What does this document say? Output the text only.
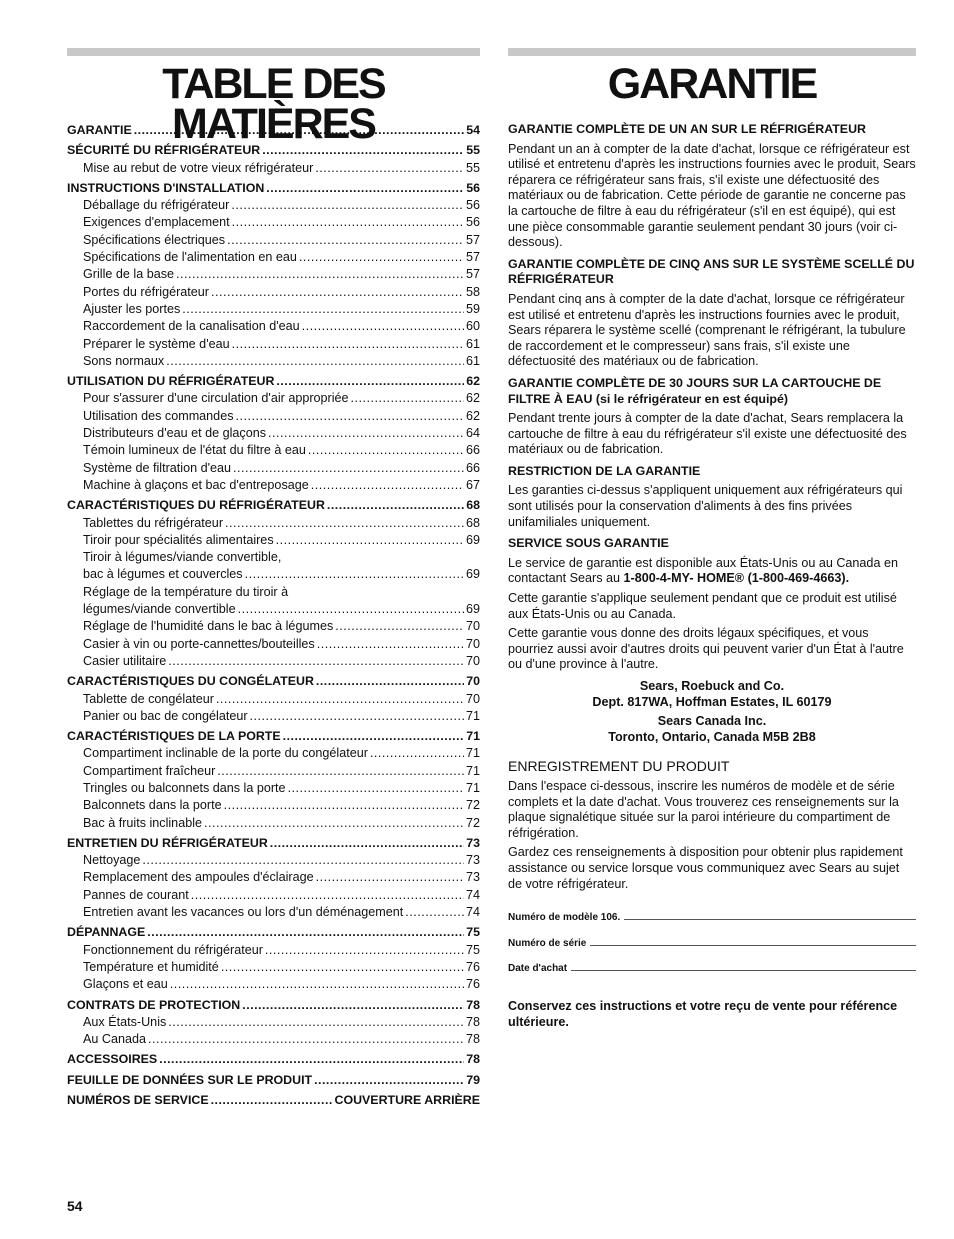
TABLE DES MATIÈRES
GARANTIE .....	54
SÉCURITÉ DU RÉFRIGÉRATEUR .....	55
Mise au rebut de votre vieux réfrigérateur .....	55
INSTRUCTIONS D'INSTALLATION .....	56
Déballage du réfrigérateur .....	56
Exigences d'emplacement .....	56
Spécifications électriques .....	57
Spécifications de l'alimentation en eau .....	57
Grille de la base .....	57
Portes du réfrigérateur .....	58
Ajuster les portes .....	59
Raccordement de la canalisation d'eau .....	60
Préparer le système d'eau .....	61
Sons normaux .....	61
UTILISATION DU RÉFRIGÉRATEUR .....	62
Pour s'assurer d'une circulation d'air appropriée .....	62
Utilisation des commandes .....	62
Distributeurs d'eau et de glaçons .....	64
Témoin lumineux de l'état du filtre à eau .....	66
Système de filtration d'eau .....	66
Machine à glaçons et bac d'entreposage .....	67
CARACTÉRISTIQUES DU RÉFRIGÉRATEUR .....	68
Tablettes du réfrigérateur .....	68
Tiroir pour spécialités alimentaires .....	69
Tiroir à légumes/viande convertible,
bac à légumes et couvercles .....	69
Réglage de la température du tiroir à
légumes/viande convertible .....	69
Réglage de l'humidité dans le bac à légumes .....	70
Casier à vin ou porte-cannettes/bouteilles .....	70
Casier utilitaire .....	70
CARACTÉRISTIQUES DU CONGÉLATEUR .....	70
Tablette de congélateur .....	70
Panier ou bac de congélateur .....	71
CARACTÉRISTIQUES DE LA PORTE .....	71
Compartiment inclinable de la porte du congélateur .....	71
Compartiment fraîcheur .....	71
Tringles ou balconnets dans la porte .....	71
Balconnets dans la porte .....	72
Bac à fruits inclinable .....	72
ENTRETIEN DU RÉFRIGÉRATEUR .....	73
Nettoyage .....	73
Remplacement des ampoules d'éclairage .....	73
Pannes de courant .....	74
Entretien avant les vacances ou lors d'un déménagement .....	74
DÉPANNAGE .....	75
Fonctionnement du réfrigérateur .....	75
Température et humidité .....	76
Glaçons et eau .....	76
CONTRATS DE PROTECTION .....	78
Aux États-Unis .....	78
Au Canada .....	78
ACCESSOIRES .....	78
FEUILLE DE DONNÉES SUR LE PRODUIT .....	79
NUMÉROS DE SERVICE .....	COUVERTURE ARRIÈRE
GARANTIE
GARANTIE COMPLÈTE DE UN AN SUR LE RÉFRIGÉRATEUR

Pendant un an à compter de la date d'achat, lorsque ce réfrigérateur est utilisé et entretenu d'après les instructions fournies avec le produit, Sears réparera ce réfrigérateur sans frais, s'il existe une défectuosité des matériaux ou de fabrication. Cette période de garantie ne concerne pas la cartouche de filtre à eau du réfrigérateur (s'il en est équipé), qui est une pièce consommable garantie seulement pendant 30 jours (voir ci-dessous).

GARANTIE COMPLÈTE DE CINQ ANS SUR LE SYSTÈME SCELLÉ DU RÉFRIGÉRATEUR

Pendant cinq ans à compter de la date d'achat, lorsque ce réfrigérateur est utilisé et entretenu d'après les instructions fournies avec le produit, Sears réparera le système scellé (comprenant le réfrigérant, la tubulure de raccordement et le compresseur) sans frais, s'il existe une défectuosité des matériaux ou de fabrication.

GARANTIE COMPLÈTE DE 30 JOURS SUR LA CARTOUCHE DE FILTRE À EAU (si le réfrigérateur en est équipé)

Pendant trente jours à compter de la date d'achat, Sears remplacera la cartouche de filtre à eau du réfrigérateur s'il existe une défectuosité des matériaux ou de fabrication.

RESTRICTION DE LA GARANTIE

Les garanties ci-dessus s'appliquent uniquement aux réfrigérateurs qui sont utilisés pour la conservation d'aliments à des fins privées unifamiliales uniquement.

SERVICE SOUS GARANTIE

Le service de garantie est disponible aux États-Unis ou au Canada en contactant Sears au 1-800-4-MY- HOME® (1-800-469-4663).

Cette garantie s'applique seulement pendant que ce produit est utilisé aux États-Unis ou au Canada.

Cette garantie vous donne des droits légaux spécifiques, et vous pourriez aussi avoir d'autres droits qui peuvent varier d'un État à l'autre ou d'une province à l'autre.

Sears, Roebuck and Co.
Dept. 817WA, Hoffman Estates, IL 60179
Sears Canada Inc.
Toronto, Ontario, Canada M5B 2B8
ENREGISTREMENT DU PRODUIT

Dans l'espace ci-dessous, inscrire les numéros de modèle et de série complets et la date d'achat. Vous trouverez ces renseignements sur la plaque signalétique située sur la paroi intérieure du compartiment de réfrigération.

Gardez ces renseignements à disposition pour obtenir plus rapidement assistance ou service lorsque vous communiquez avec Sears au sujet de votre réfrigérateur.

Numéro de modèle 106.
Numéro de série
Date d'achat
Conservez ces instructions et votre reçu de vente pour référence ultérieure.
54
